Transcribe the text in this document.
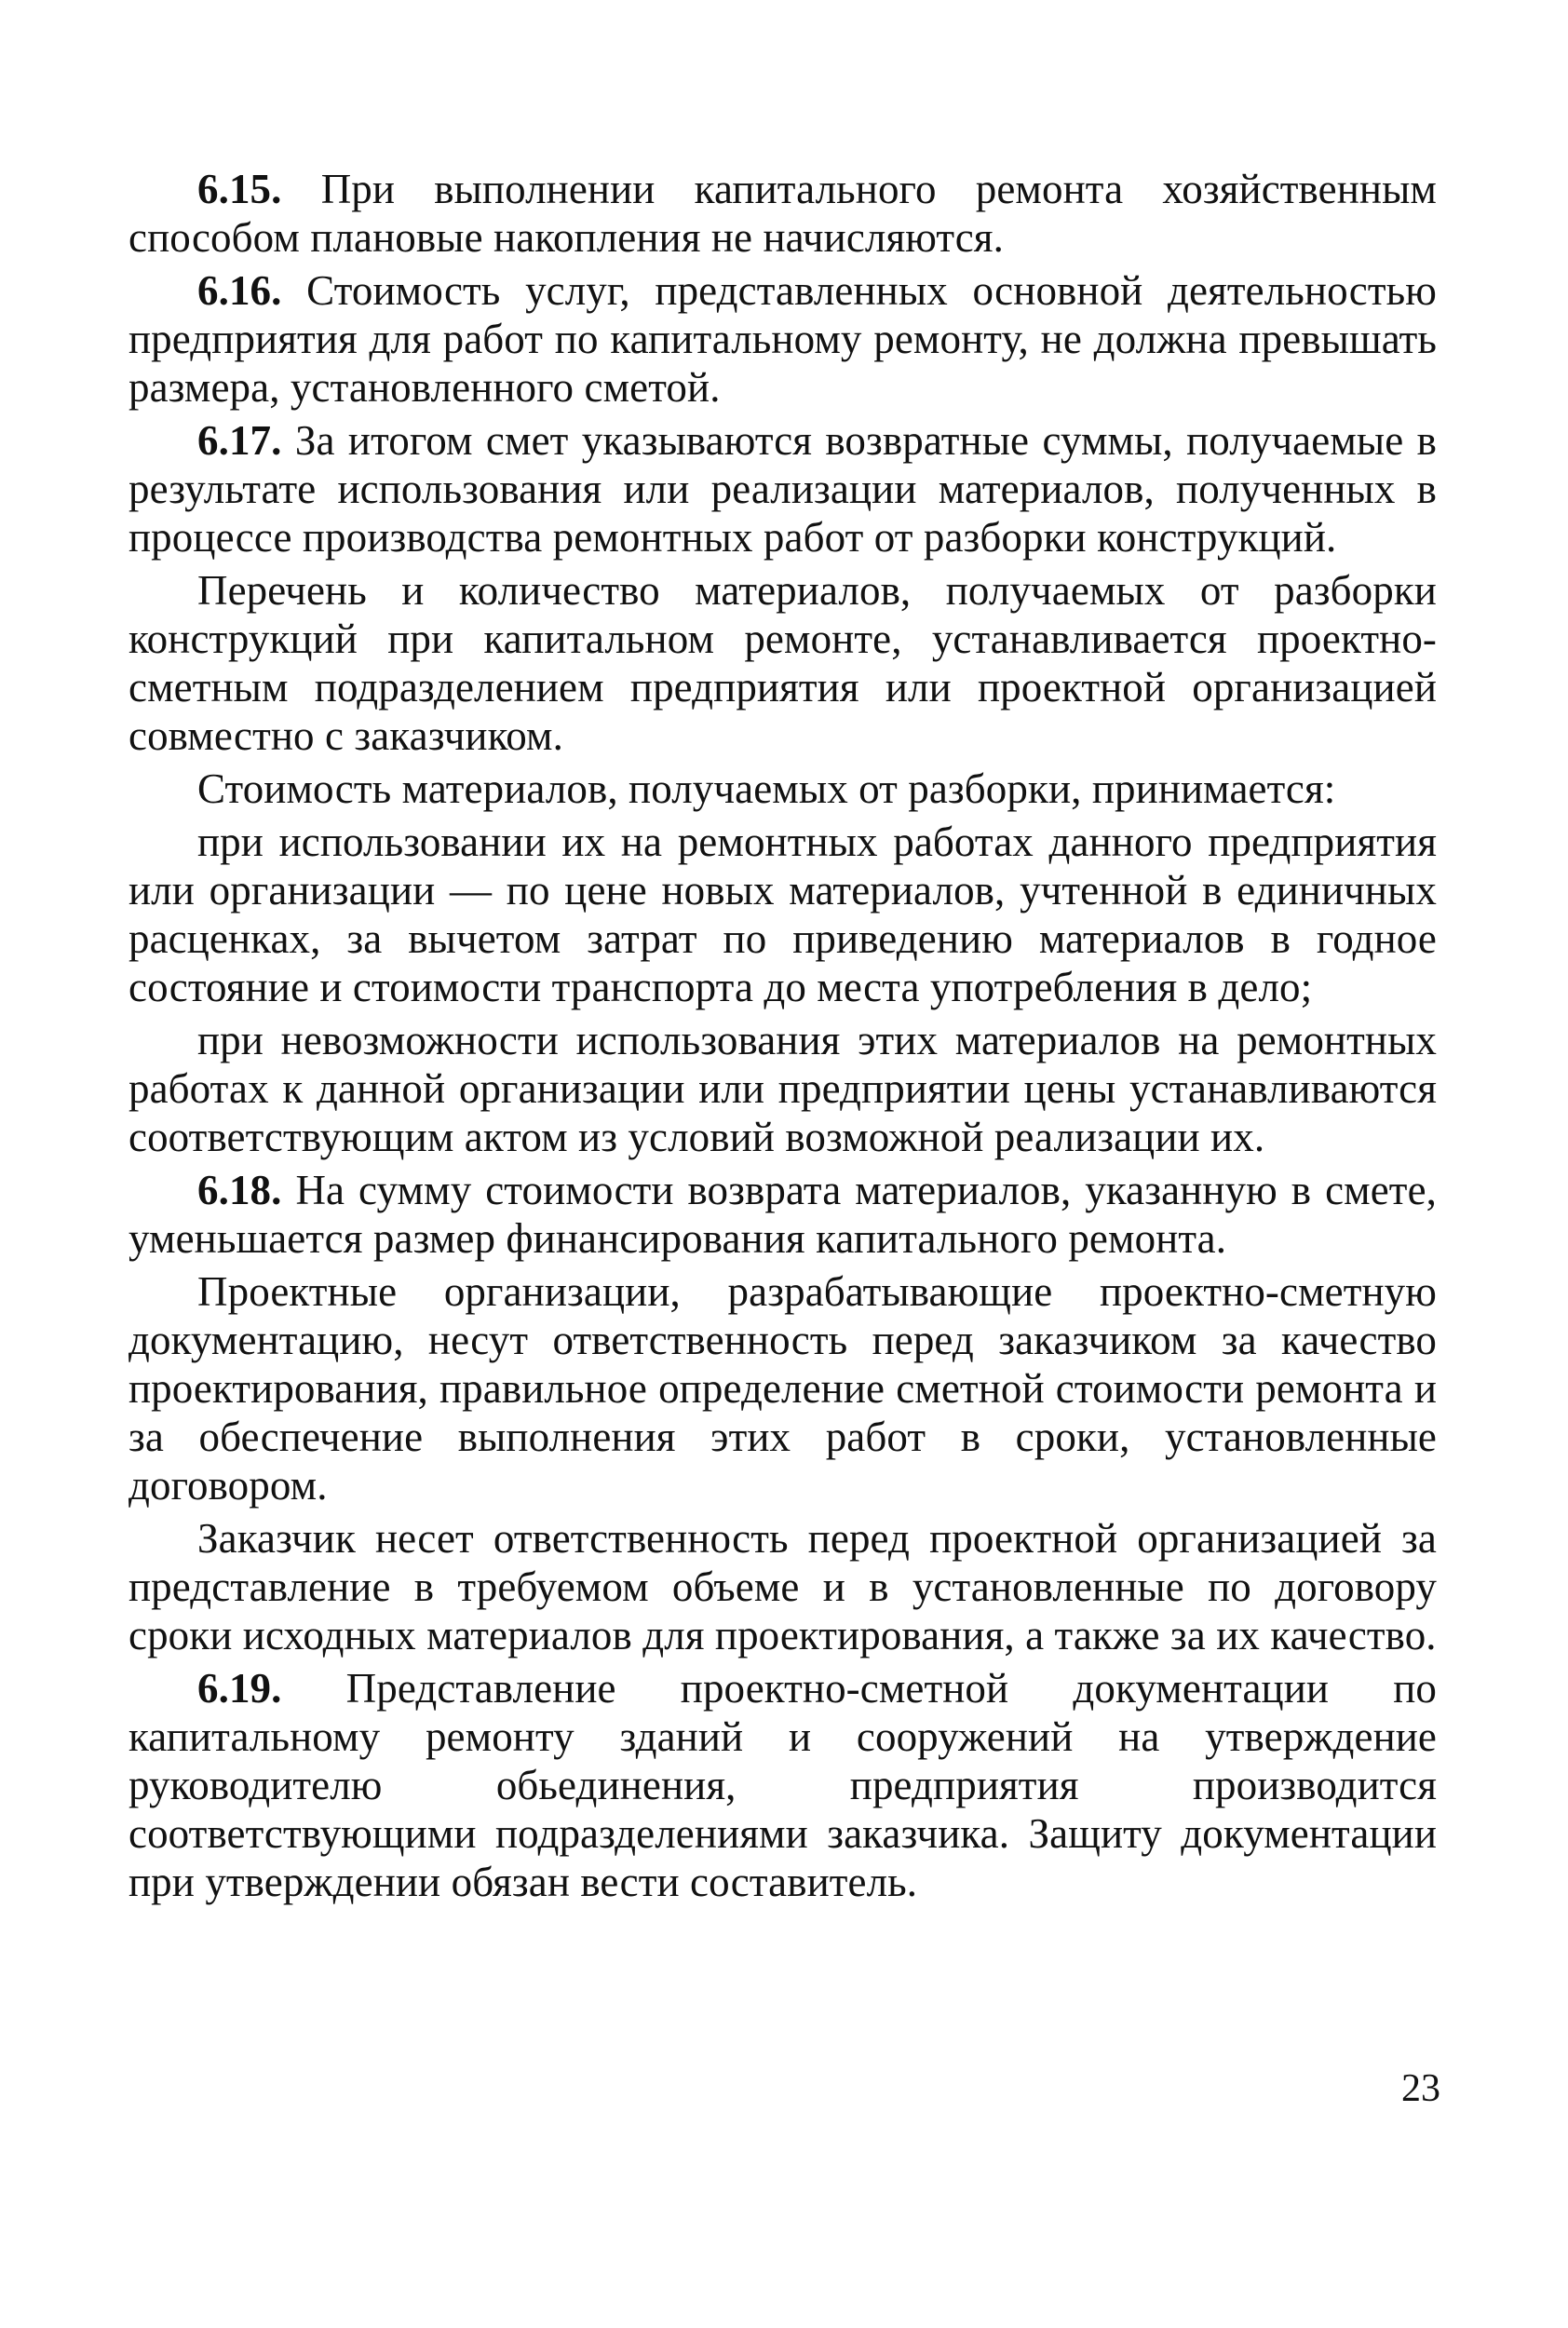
6.15. При выполнении капитального ремонта хозяйственным способом плановые накопления не начисляются.

6.16. Стоимость услуг, представленных основной деятельностью предприятия для работ по капитальному ремонту, не должна превышать размера, установленного сметой.

6.17. За итогом смет указываются возвратные суммы, получаемые в результате использования или реализации материалов, полученных в процессе производства ремонтных работ от разборки конструкций.

Перечень и количество материалов, получаемых от разборки конструкций при капитальном ремонте, устанавливается проектно-сметным подразделением предприятия или проектной организацией совместно с заказчиком.

Стоимость материалов, получаемых от разборки, принимается:

при использовании их на ремонтных работах данного предприятия или организации — по цене новых материалов, учтенной в единичных расценках, за вычетом затрат по приведению материалов в годное состояние и стоимости транспорта до места употребления в дело;

при невозможности использования этих материалов на ремонтных работах к данной организации или предприятии цены устанавливаются соответствующим актом из условий возможной реализации их.

6.18. На сумму стоимости возврата материалов, указанную в смете, уменьшается размер финансирования капитального ремонта.

Проектные организации, разрабатывающие проектно-сметную документацию, несут ответственность перед заказчиком за качество проектирования, правильное определение сметной стоимости ремонта и за обеспечение выполнения этих работ в сроки, установленные договором.

Заказчик несет ответственность перед проектной организацией за представление в требуемом объеме и в установленные по договору сроки исходных материалов для проектирования, а также за их качество.

6.19. Представление проектно-сметной документации по капитальному ремонту зданий и сооружений на утверждение руководителю обьединения, предприятия производится соответствующими подразделениями заказчика. Защиту документации при утверждении обязан вести составитель.

23
